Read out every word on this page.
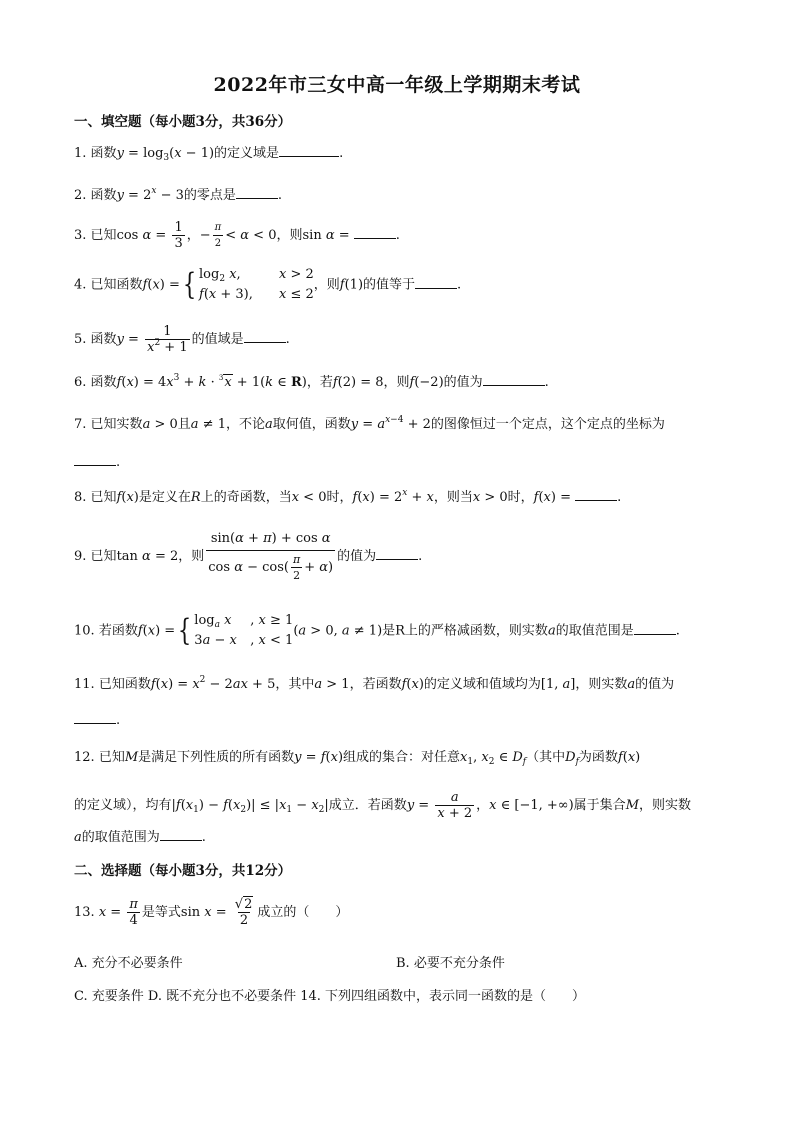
2022年市三女中高一年级上学期期末考试
一、填空题（每小题3分，共36分）
1. 函数$y = \log_3(x - 1)$的定义域是	.
2. 函数$y = 2^x - 3$的零点是	.
3. 已知$\cos \alpha = \frac{1}{3}$ ，− $\frac{\pi}{2} < \alpha < 0$，则sin α =	.
4. 已知函数f(x) ={ $\log_2 x$,	x > 2
f(x + 3), x ≤ 2
，则f(1)的值等于	.
5. 函数$y = \frac{1}{x^2 + 1}$ 的值域是	.
6. 函数$f(x) = 4x^3 + k \cdot ^3x + 1(k$ ∈ R)，若f(2) = 8，则f(−2)的值为	.
7. 已知实数a > 0且a ≠ 1，不论a取何值，函数$y = a^{x-4} + 2$的图像恒过一个定点，这个定点的坐标为
.
8. 已知f(x)是定义在R上的奇函数，当x < 0时，$f(x) = 2^x + x$，则当x > 0时，f(x) =	.
9. 已知tan α = 2，则 $\frac{\text{sin(α + π) + cos α}}{\cos \alpha - \cos( \frac{\pi}{2} + \alpha)}$ 的值为	.
10. 若函数f(x) ={ $\log_a x$ , x ≥ 1
3a − x , x < 1
(a > 0, a ≠ 1)是R上的严格减函数，则实数a的取值范围是	.
11. 已知函数$f(x) = x^2 - 2ax + 5$，其中a > 1，若函数f(x)的定义域和值域均为[1, a]，则实数a的值为
.
12. 已知M是满足下列性质的所有函数y = f(x)组成的集合：对任意$x_1$, $x_2$ ∈ $D_f$（其中$D_f$为函数f(x)
的定义域），均有$|f(x_1) - f(x_2)| \le |x_1 - x_2|$成立．若函数$y = \frac{a}{x + 2}$ ，x ∈ [−1, +∞)属于集合M，则实数
a的取值范围为	.
二、选择题（每小题3分，共12分）
13. $x = \frac{\pi}{4}$ 是等式$\sin x = \frac{√2}{2}$ 成立的（　　）
A. 充分不必要条件	B. 必要不充分条件
C. 充要条件 D. 既不充分也不必要条件 14. 下列四组函数中，表示同一函数的是（　　）
